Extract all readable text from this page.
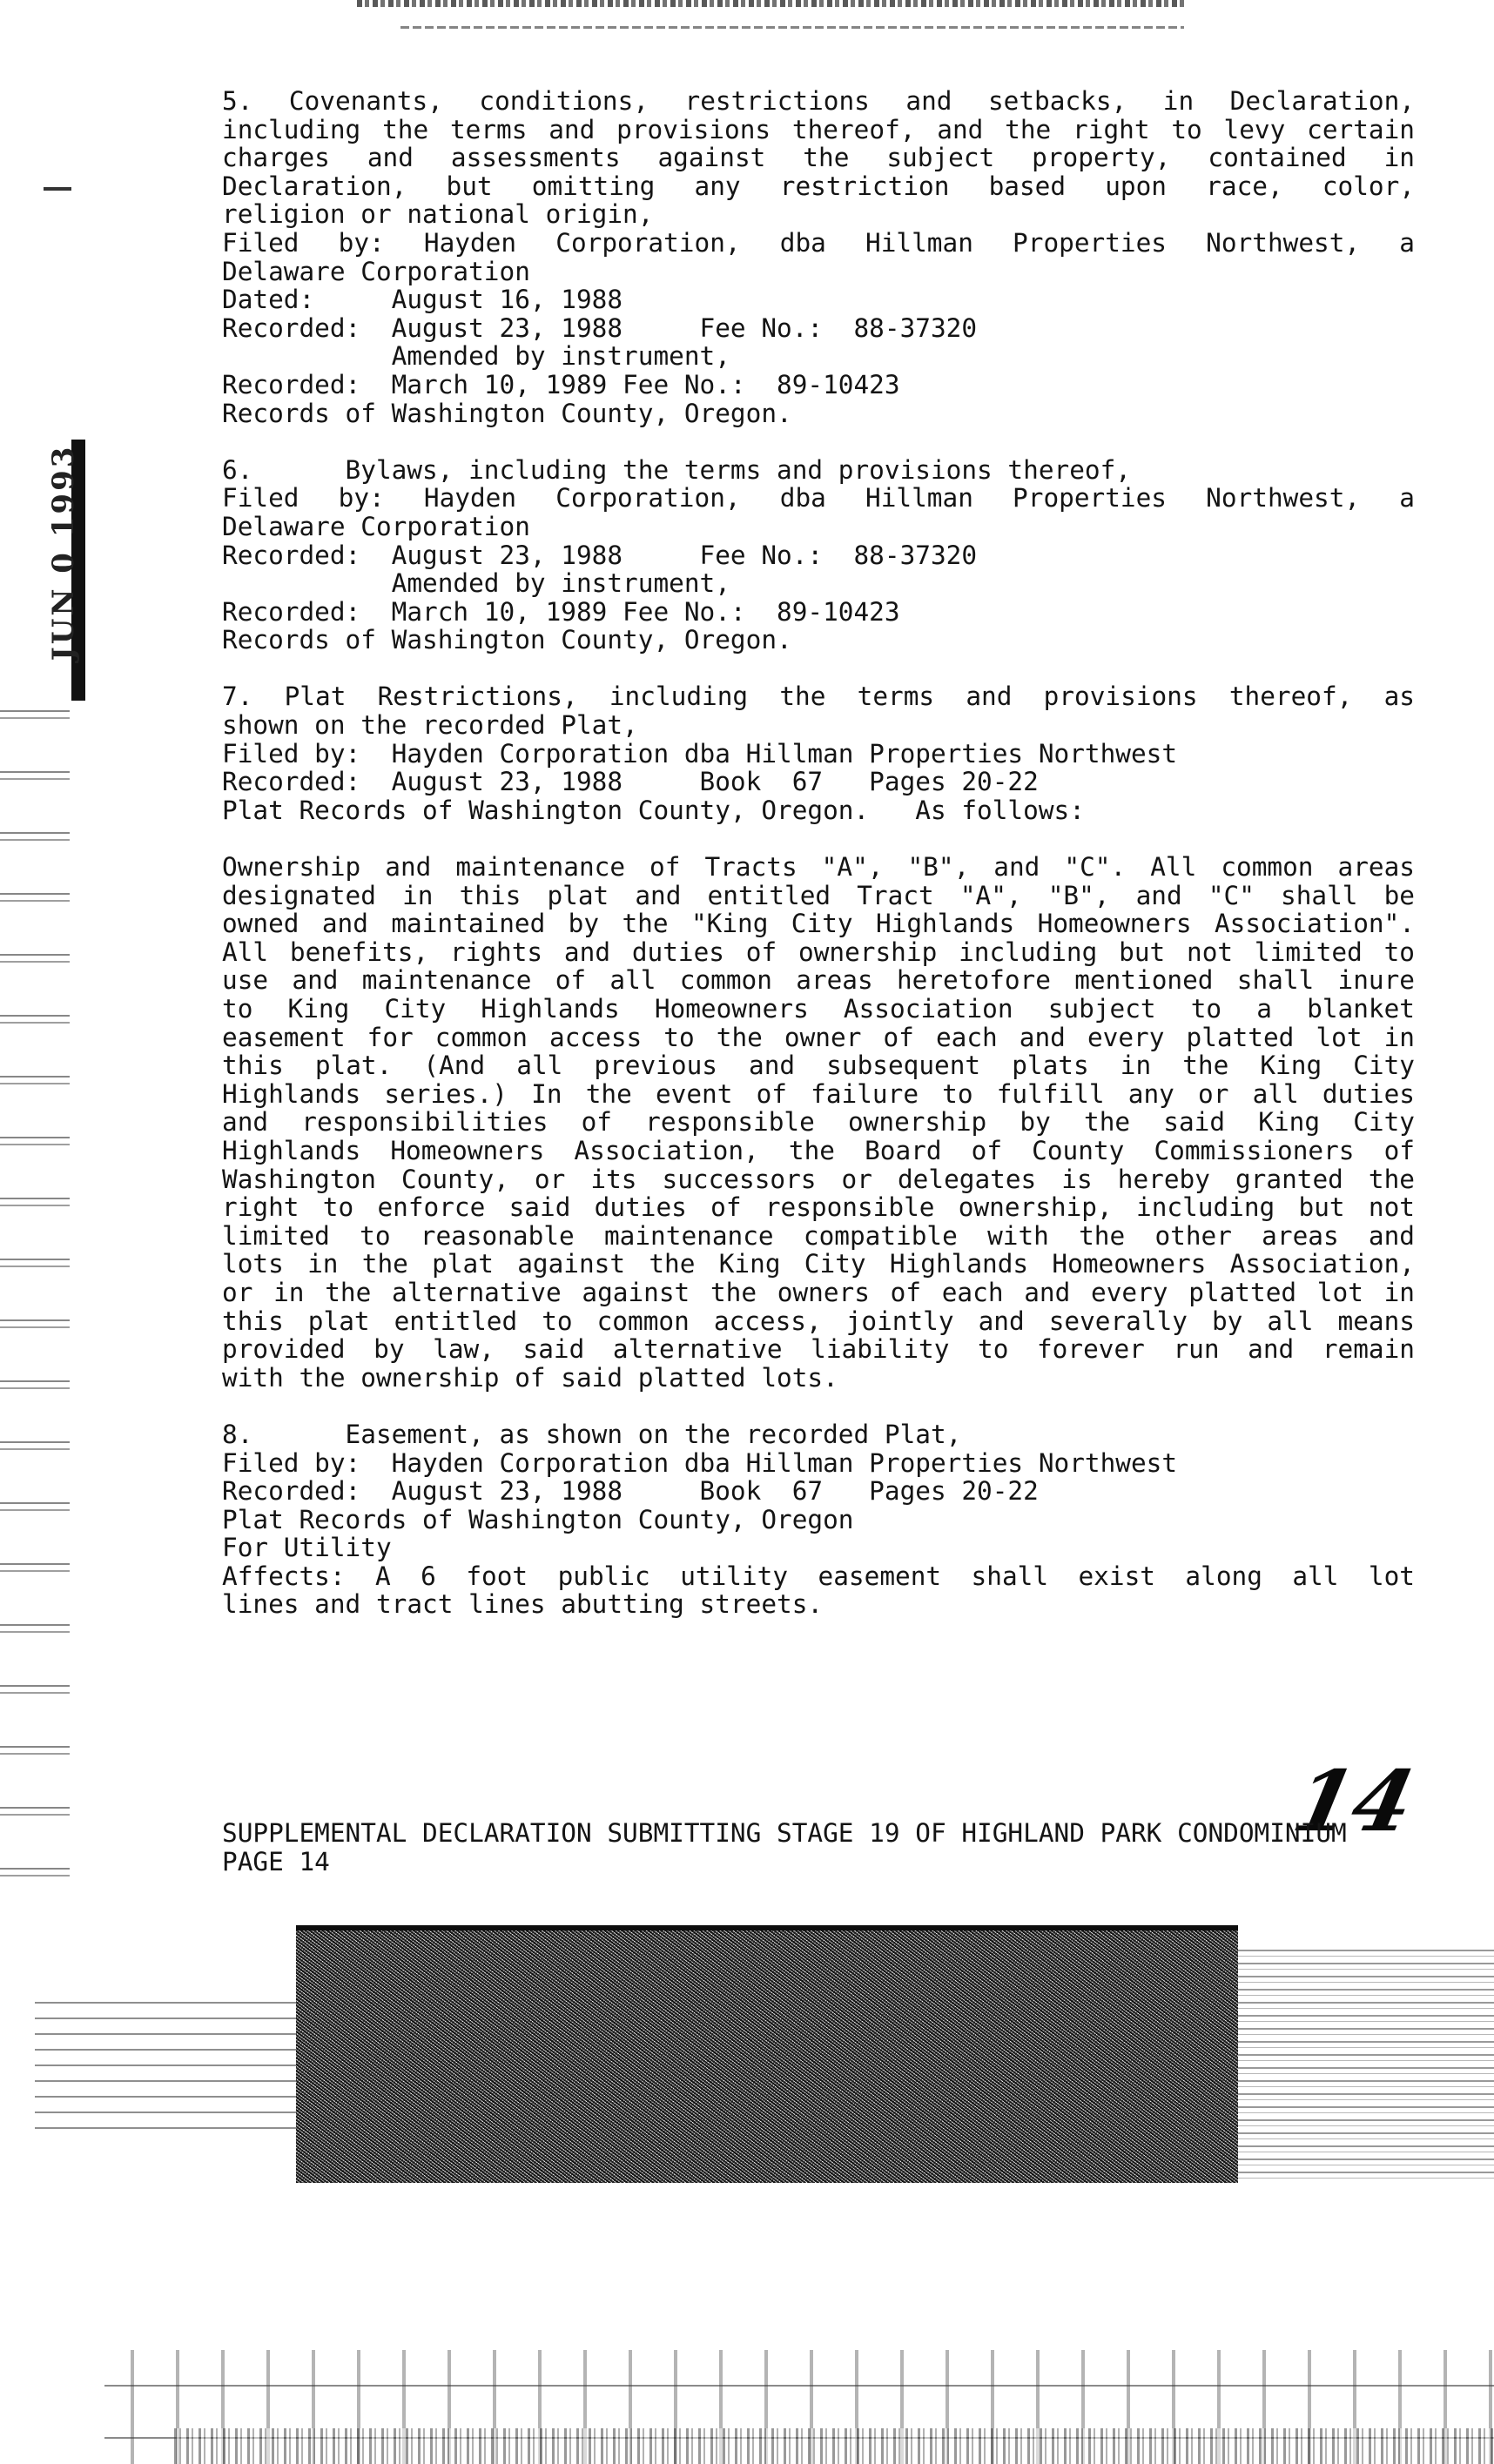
JUN 0 1993
5. Covenants, conditions, restrictions and setbacks, in Declaration,
including the terms and provisions thereof, and the right to levy certain
charges and assessments against the subject property, contained in
Declaration, but omitting any restriction based upon race, color,
religion or national origin,
Filed by: Hayden Corporation, dba Hillman Properties Northwest, a
Delaware Corporation
Dated:     August 16, 1988
Recorded:  August 23, 1988     Fee No.:  88-37320
Amended by instrument,
Recorded:  March 10, 1989 Fee No.:  89-10423
Records of Washington County, Oregon.
6.      Bylaws, including the terms and provisions thereof,
Filed by: Hayden Corporation, dba Hillman Properties Northwest, a
Delaware Corporation
Recorded:  August 23, 1988     Fee No.:  88-37320
Amended by instrument,
Recorded:  March 10, 1989 Fee No.:  89-10423
Records of Washington County, Oregon.
7. Plat Restrictions, including the terms and provisions thereof, as
shown on the recorded Plat,
Filed by:  Hayden Corporation dba Hillman Properties Northwest
Recorded:  August 23, 1988     Book  67   Pages 20-22
Plat Records of Washington County, Oregon.   As follows:
Ownership and maintenance of Tracts "A", "B", and "C". All common areas
designated in this plat and entitled Tract "A", "B", and "C" shall be
owned and maintained by the "King City Highlands Homeowners Association".
All benefits, rights and duties of ownership including but not limited to
use and maintenance of all common areas heretofore mentioned shall inure
to King City Highlands Homeowners Association subject to a blanket
easement for common access to the owner of each and every platted lot in
this plat. (And all previous and subsequent plats in the King City
Highlands series.) In the event of failure to fulfill any or all duties
and responsibilities of responsible ownership by the said King City
Highlands Homeowners Association, the Board of County Commissioners of
Washington County, or its successors or delegates is hereby granted the
right to enforce said duties of responsible ownership, including but not
limited to reasonable maintenance compatible with the other areas and
lots in the plat against the King City Highlands Homeowners Association,
or in the alternative against the owners of each and every platted lot in
this plat entitled to common access, jointly and severally by all means
provided by law, said alternative liability to forever run and remain
with the ownership of said platted lots.
8.      Easement, as shown on the recorded Plat,
Filed by:  Hayden Corporation dba Hillman Properties Northwest
Recorded:  August 23, 1988     Book  67   Pages 20-22
Plat Records of Washington County, Oregon
For Utility
Affects: A 6 foot public utility easement shall exist along all lot
lines and tract lines abutting streets.
14
SUPPLEMENTAL DECLARATION SUBMITTING STAGE 19 OF HIGHLAND PARK CONDOMINIUM
PAGE 14
